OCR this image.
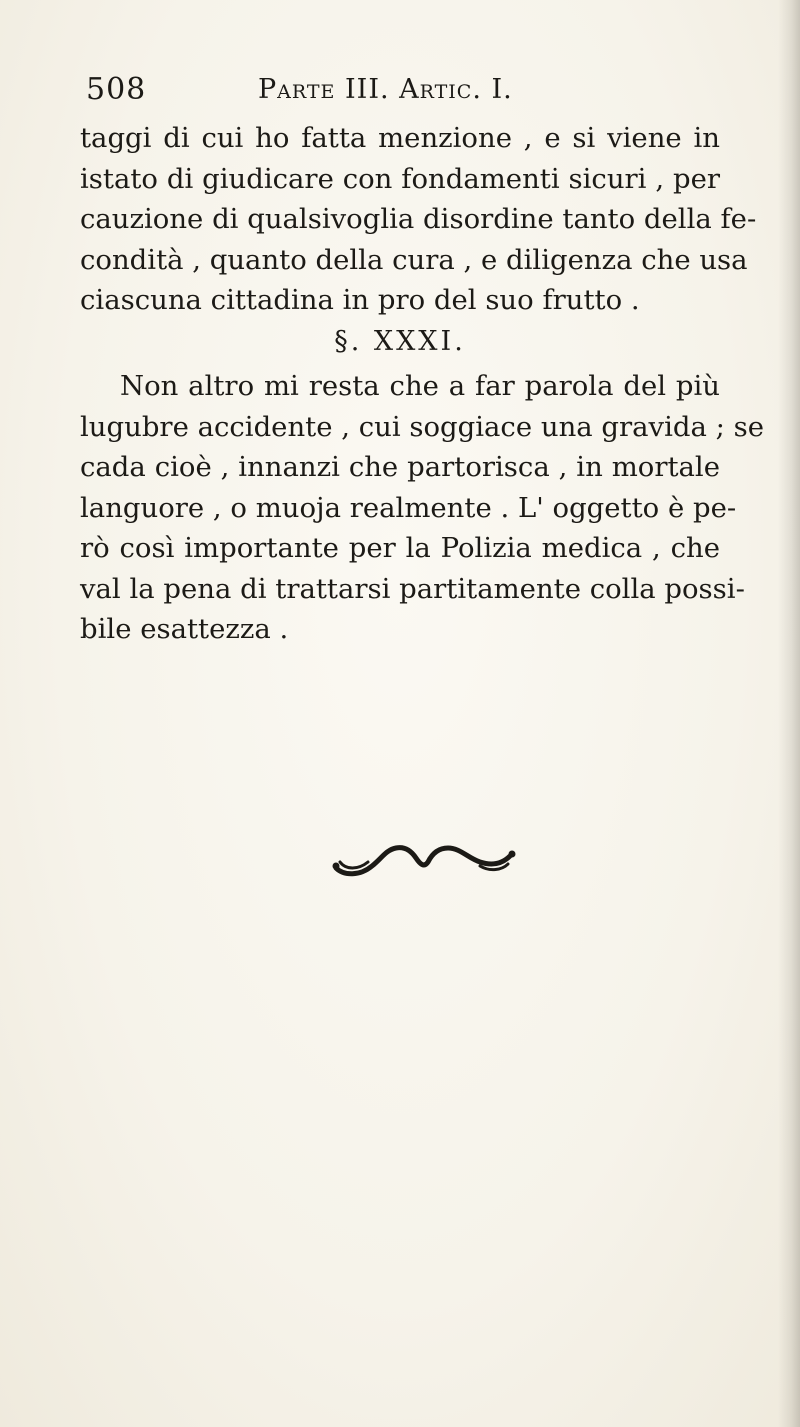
508	Parte III. Artic. I.
taggi di cui ho fatta menzione , e si viene in
istato di giudicare con fondamenti sicuri , per
cauzione di qualsivoglia disordine tanto della fe-
condità , quanto della cura , e diligenza che usa
ciascuna cittadina in pro del suo frutto .
§. XXXI.
Non altro mi resta che a far parola del più
lugubre accidente , cui soggiace una gravida ; se
cada cioè , innanzi che partorisca , in mortale
languore , o muoja realmente . L' oggetto è pe-
rò così importante per la Polizia medica , che
val la pena di trattarsi partitamente colla possi-
bile esattezza .
